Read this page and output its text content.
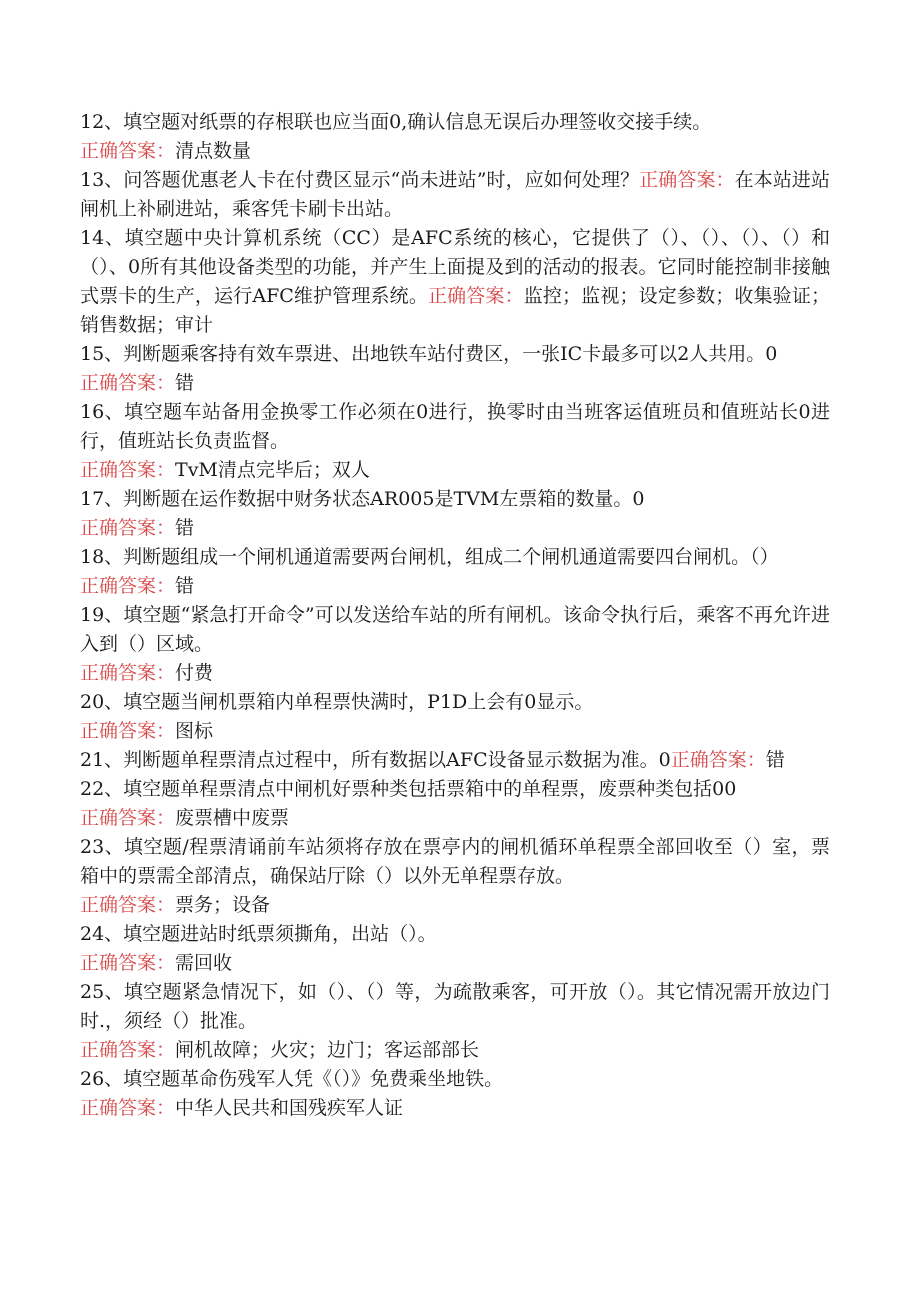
12、填空题对纸票的存根联也应当面0,确认信息无误后办理签收交接手续。

正确答案：清点数量

13、问答题优惠老人卡在付费区显示“尚未进站”时，应如何处理？正确答案：在本站进站闸机上补刷进站，乘客凭卡刷卡出站。

14、填空题中央计算机系统（CC）是AFC系统的核心，它提供了（）、（）、（）、（）和（）、0所有其他设备类型的功能，并产生上面提及到的活动的报表。它同时能控制非接触式票卡的生产，运行AFC维护管理系统。正确答案：监控；监视；设定参数；收集验证；销售数据；审计

15、判断题乘客持有效车票进、出地铁车站付费区，一张IC卡最多可以2人共用。0

正确答案：错

16、填空题车站备用金换零工作必须在0进行，换零时由当班客运值班员和值班站长0进行，值班站长负责监督。

正确答案：TvM清点完毕后；双人

17、判断题在运作数据中财务状态AR005是TVM左票箱的数量。0

正确答案：错

18、判断题组成一个闸机通道需要两台闸机，组成二个闸机通道需要四台闸机。（）

正确答案：错

19、填空题“紧急打开命令”可以发送给车站的所有闸机。该命令执行后，乘客不再允许进入到（）区域。

正确答案：付费

20、填空题当闸机票箱内单程票快满时，P1D上会有0显示。

正确答案：图标

21、判断题单程票清点过程中，所有数据以AFC设备显示数据为准。0正确答案：错

22、填空题单程票清点中闸机好票种类包括票箱中的单程票，废票种类包括00

正确答案：废票槽中废票

23、填空题/程票清诵前车站须将存放在票亭内的闸机循环单程票全部回收至（）室，票箱中的票需全部清点，确保站厅除（）以外无单程票存放。

正确答案：票务；设备

24、填空题进站时纸票须撕角，出站（）。

正确答案：需回收

25、填空题紧急情况下，如（）、（）等，为疏散乘客，可开放（）。其它情况需开放边门时.，须经（）批准。

正确答案：闸机故障；火灾；边门；客运部部长

26、填空题革命伤残军人凭《（）》免费乘坐地铁。

正确答案：中华人民共和国残疾军人证
